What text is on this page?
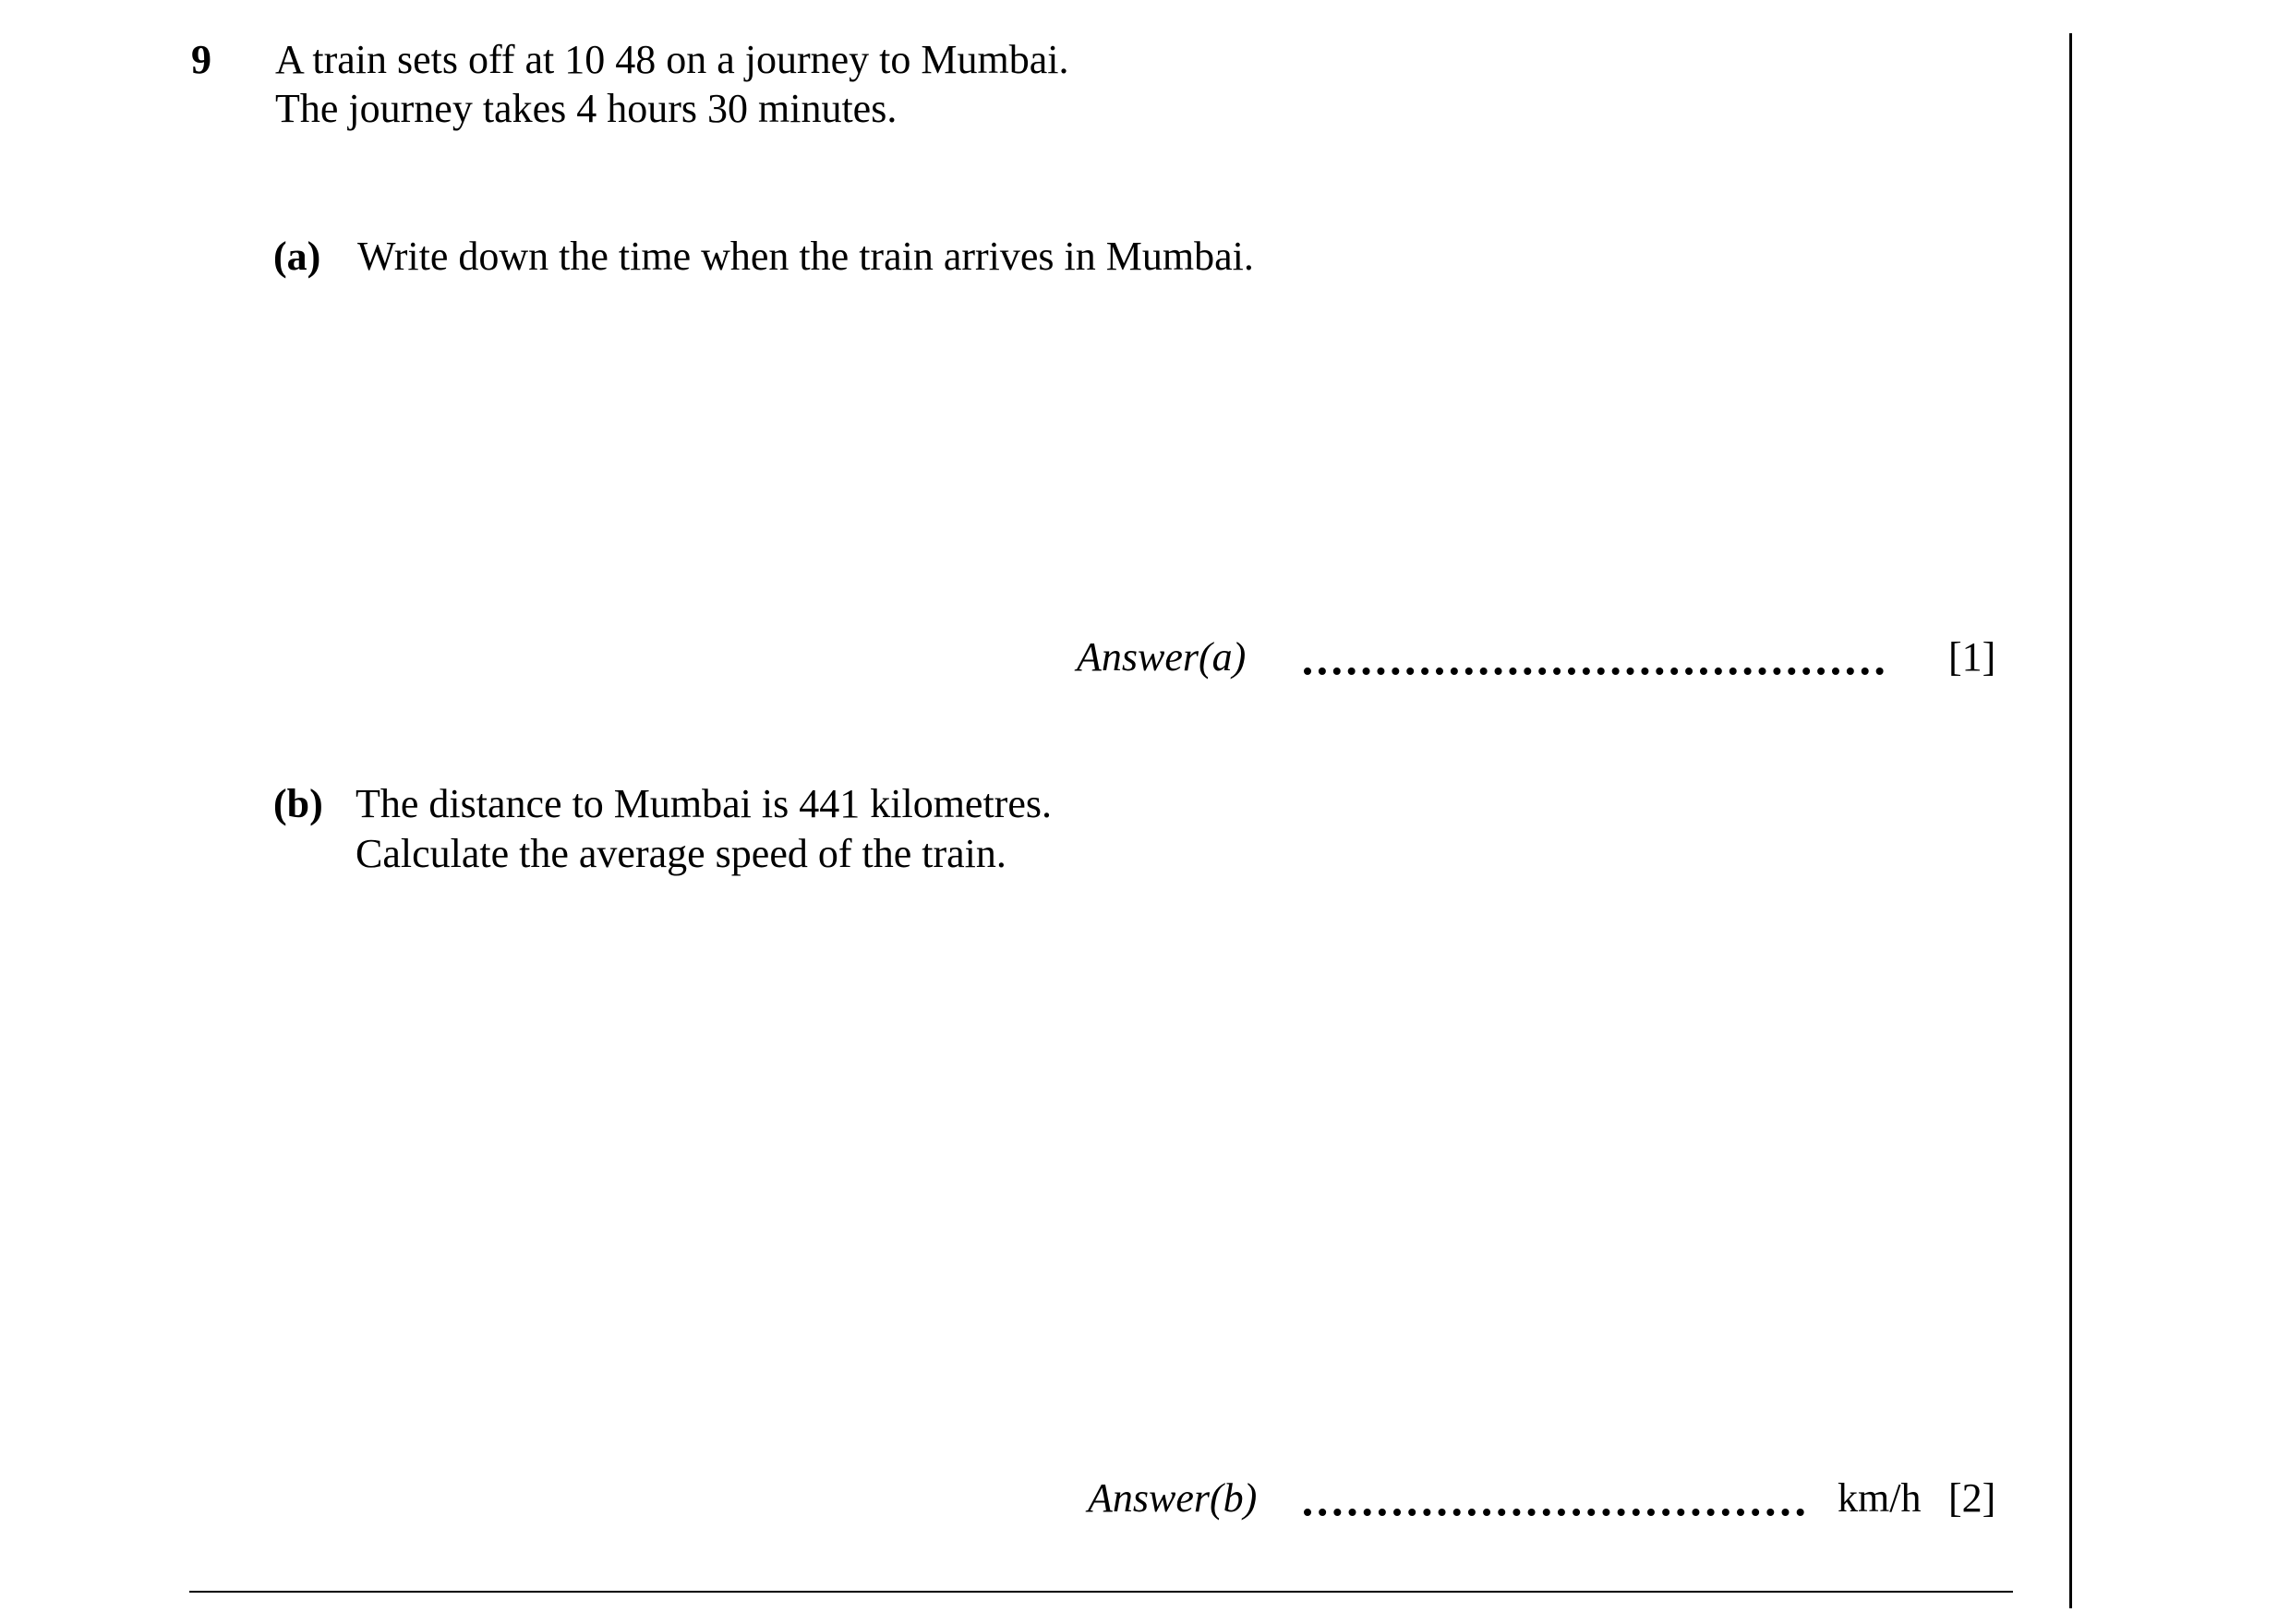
9 A train sets off at 10 48 on a journey to Mumbai.
The journey takes 4 hours 30 minutes.
(a) Write down the time when the train arrives in Mumbai.
Answer(a)	[1]
(b) The distance to Mumbai is 441 kilometres.
Calculate the average speed of the train.
Answer(b)	km/h [2]
